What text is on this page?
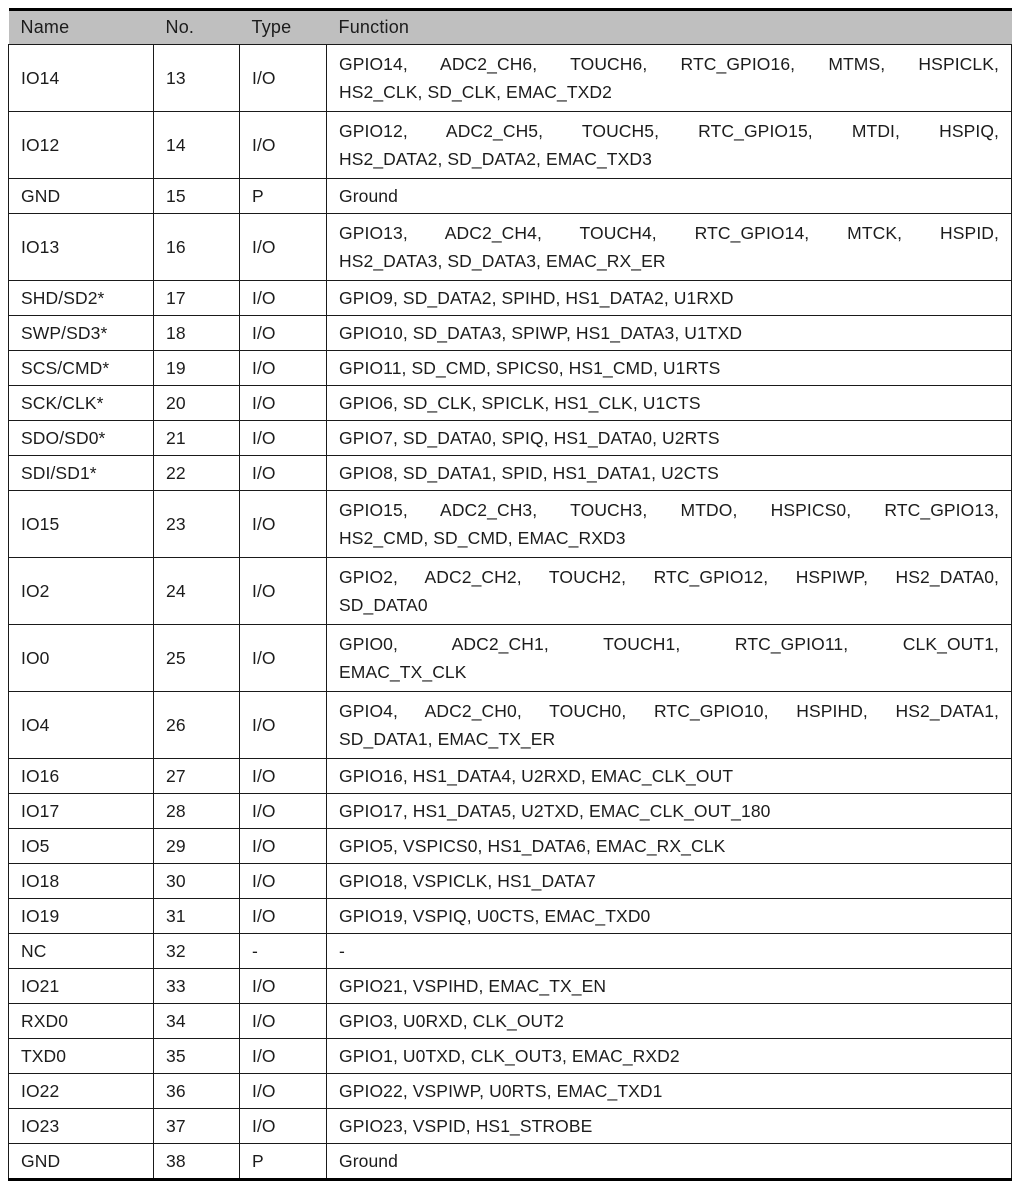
Name	No.	Type	Function
IO14	13	I/O	GPIO14, ADC2_CH6, TOUCH6, RTC_GPIO16, MTMS, HSPICLK,
HS2_CLK, SD_CLK, EMAC_TXD2

IO12	14	I/O	GPIO12, ADC2_CH5, TOUCH5, RTC_GPIO15, MTDI, HSPIQ,
HS2_DATA2, SD_DATA2, EMAC_TXD3

GND	15	P	Ground

IO13	16	I/O	GPIO13, ADC2_CH4, TOUCH4, RTC_GPIO14, MTCK, HSPID,
HS2_DATA3, SD_DATA3, EMAC_RX_ER

SHD/SD2*	17	I/O	GPIO9, SD_DATA2, SPIHD, HS1_DATA2, U1RXD

SWP/SD3*	18	I/O	GPIO10, SD_DATA3, SPIWP, HS1_DATA3, U1TXD

SCS/CMD*	19	I/O	GPIO11, SD_CMD, SPICS0, HS1_CMD, U1RTS

SCK/CLK*	20	I/O	GPIO6, SD_CLK, SPICLK, HS1_CLK, U1CTS

SDO/SD0*	21	I/O	GPIO7, SD_DATA0, SPIQ, HS1_DATA0, U2RTS

SDI/SD1*	22	I/O	GPIO8, SD_DATA1, SPID, HS1_DATA1, U2CTS

IO15	23	I/O	GPIO15, ADC2_CH3, TOUCH3, MTDO, HSPICS0, RTC_GPIO13,
HS2_CMD, SD_CMD, EMAC_RXD3

IO2	24	I/O	GPIO2, ADC2_CH2, TOUCH2, RTC_GPIO12, HSPIWP, HS2_DATA0,
SD_DATA0

IO0	25	I/O	GPIO0, ADC2_CH1, TOUCH1, RTC_GPIO11, CLK_OUT1,
EMAC_TX_CLK

IO4	26	I/O	GPIO4, ADC2_CH0, TOUCH0, RTC_GPIO10, HSPIHD, HS2_DATA1,
SD_DATA1, EMAC_TX_ER

IO16	27	I/O	GPIO16, HS1_DATA4, U2RXD, EMAC_CLK_OUT

IO17	28	I/O	GPIO17, HS1_DATA5, U2TXD, EMAC_CLK_OUT_180

IO5	29	I/O	GPIO5, VSPICS0, HS1_DATA6, EMAC_RX_CLK

IO18	30	I/O	GPIO18, VSPICLK, HS1_DATA7

IO19	31	I/O	GPIO19, VSPIQ, U0CTS, EMAC_TXD0

NC	32	-	-

IO21	33	I/O	GPIO21, VSPIHD, EMAC_TX_EN

RXD0	34	I/O	GPIO3, U0RXD, CLK_OUT2

TXD0	35	I/O	GPIO1, U0TXD, CLK_OUT3, EMAC_RXD2

IO22	36	I/O	GPIO22, VSPIWP, U0RTS, EMAC_TXD1

IO23	37	I/O	GPIO23, VSPID, HS1_STROBE

GND	38	P	Ground
